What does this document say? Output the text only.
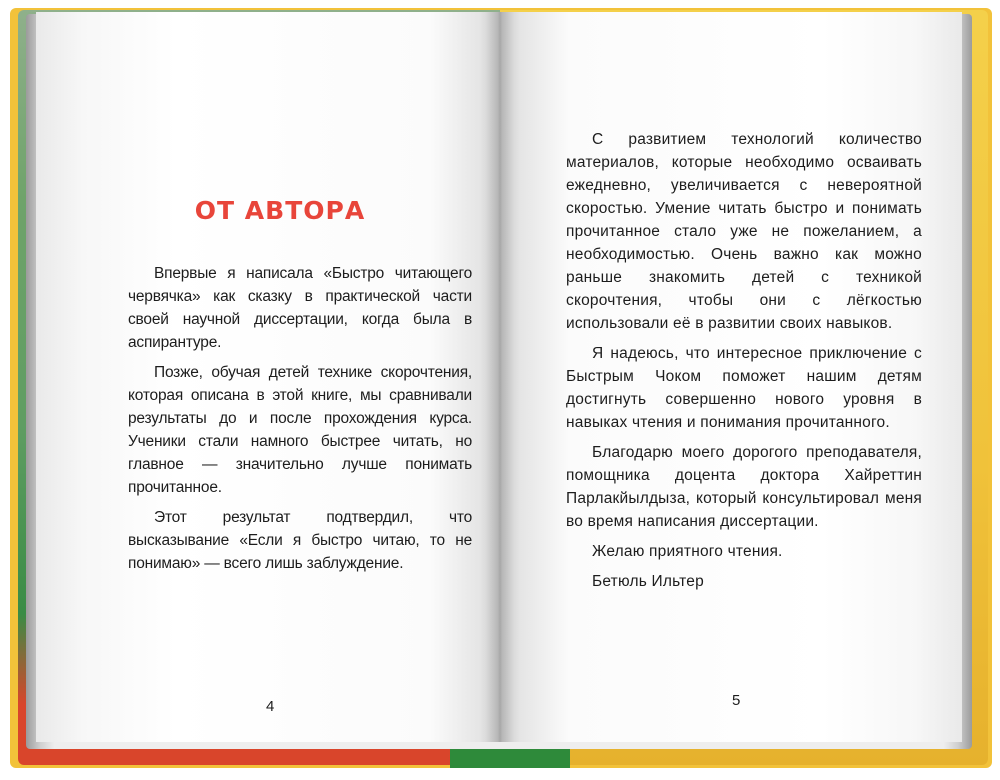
ОТ АВТОРА

Впервые я написала «Быстро читающего червячка» как сказку в практической части своей научной диссертации, когда была в аспирантуре.

Позже, обучая детей технике скорочтения, которая описана в этой книге, мы сравнивали результаты до и после прохождения курса. Ученики стали намного быстрее читать, но главное — значительно лучше понимать прочитанное.

Этот результат подтвердил, что высказывание «Если я быстро читаю, то не понимаю» — всего лишь заблуждение.

4

С развитием технологий количество материалов, которые необходимо осваивать ежедневно, увеличивается с невероятной скоростью. Умение читать быстро и понимать прочитанное стало уже не пожеланием, а необходимостью. Очень важно как можно раньше знакомить детей с техникой скорочтения, чтобы они с лёгкостью использовали её в развитии своих навыков.

Я надеюсь, что интересное приключение с Быстрым Чоком поможет нашим детям достигнуть совершенно нового уровня в навыках чтения и понимания прочитанного.

Благодарю моего дорогого преподавателя, помощника доцента доктора Хайреттин Парлакйылдыза, который консультировал меня во время написания диссертации.

Желаю приятного чтения.

Бетюль Ильтер

5
